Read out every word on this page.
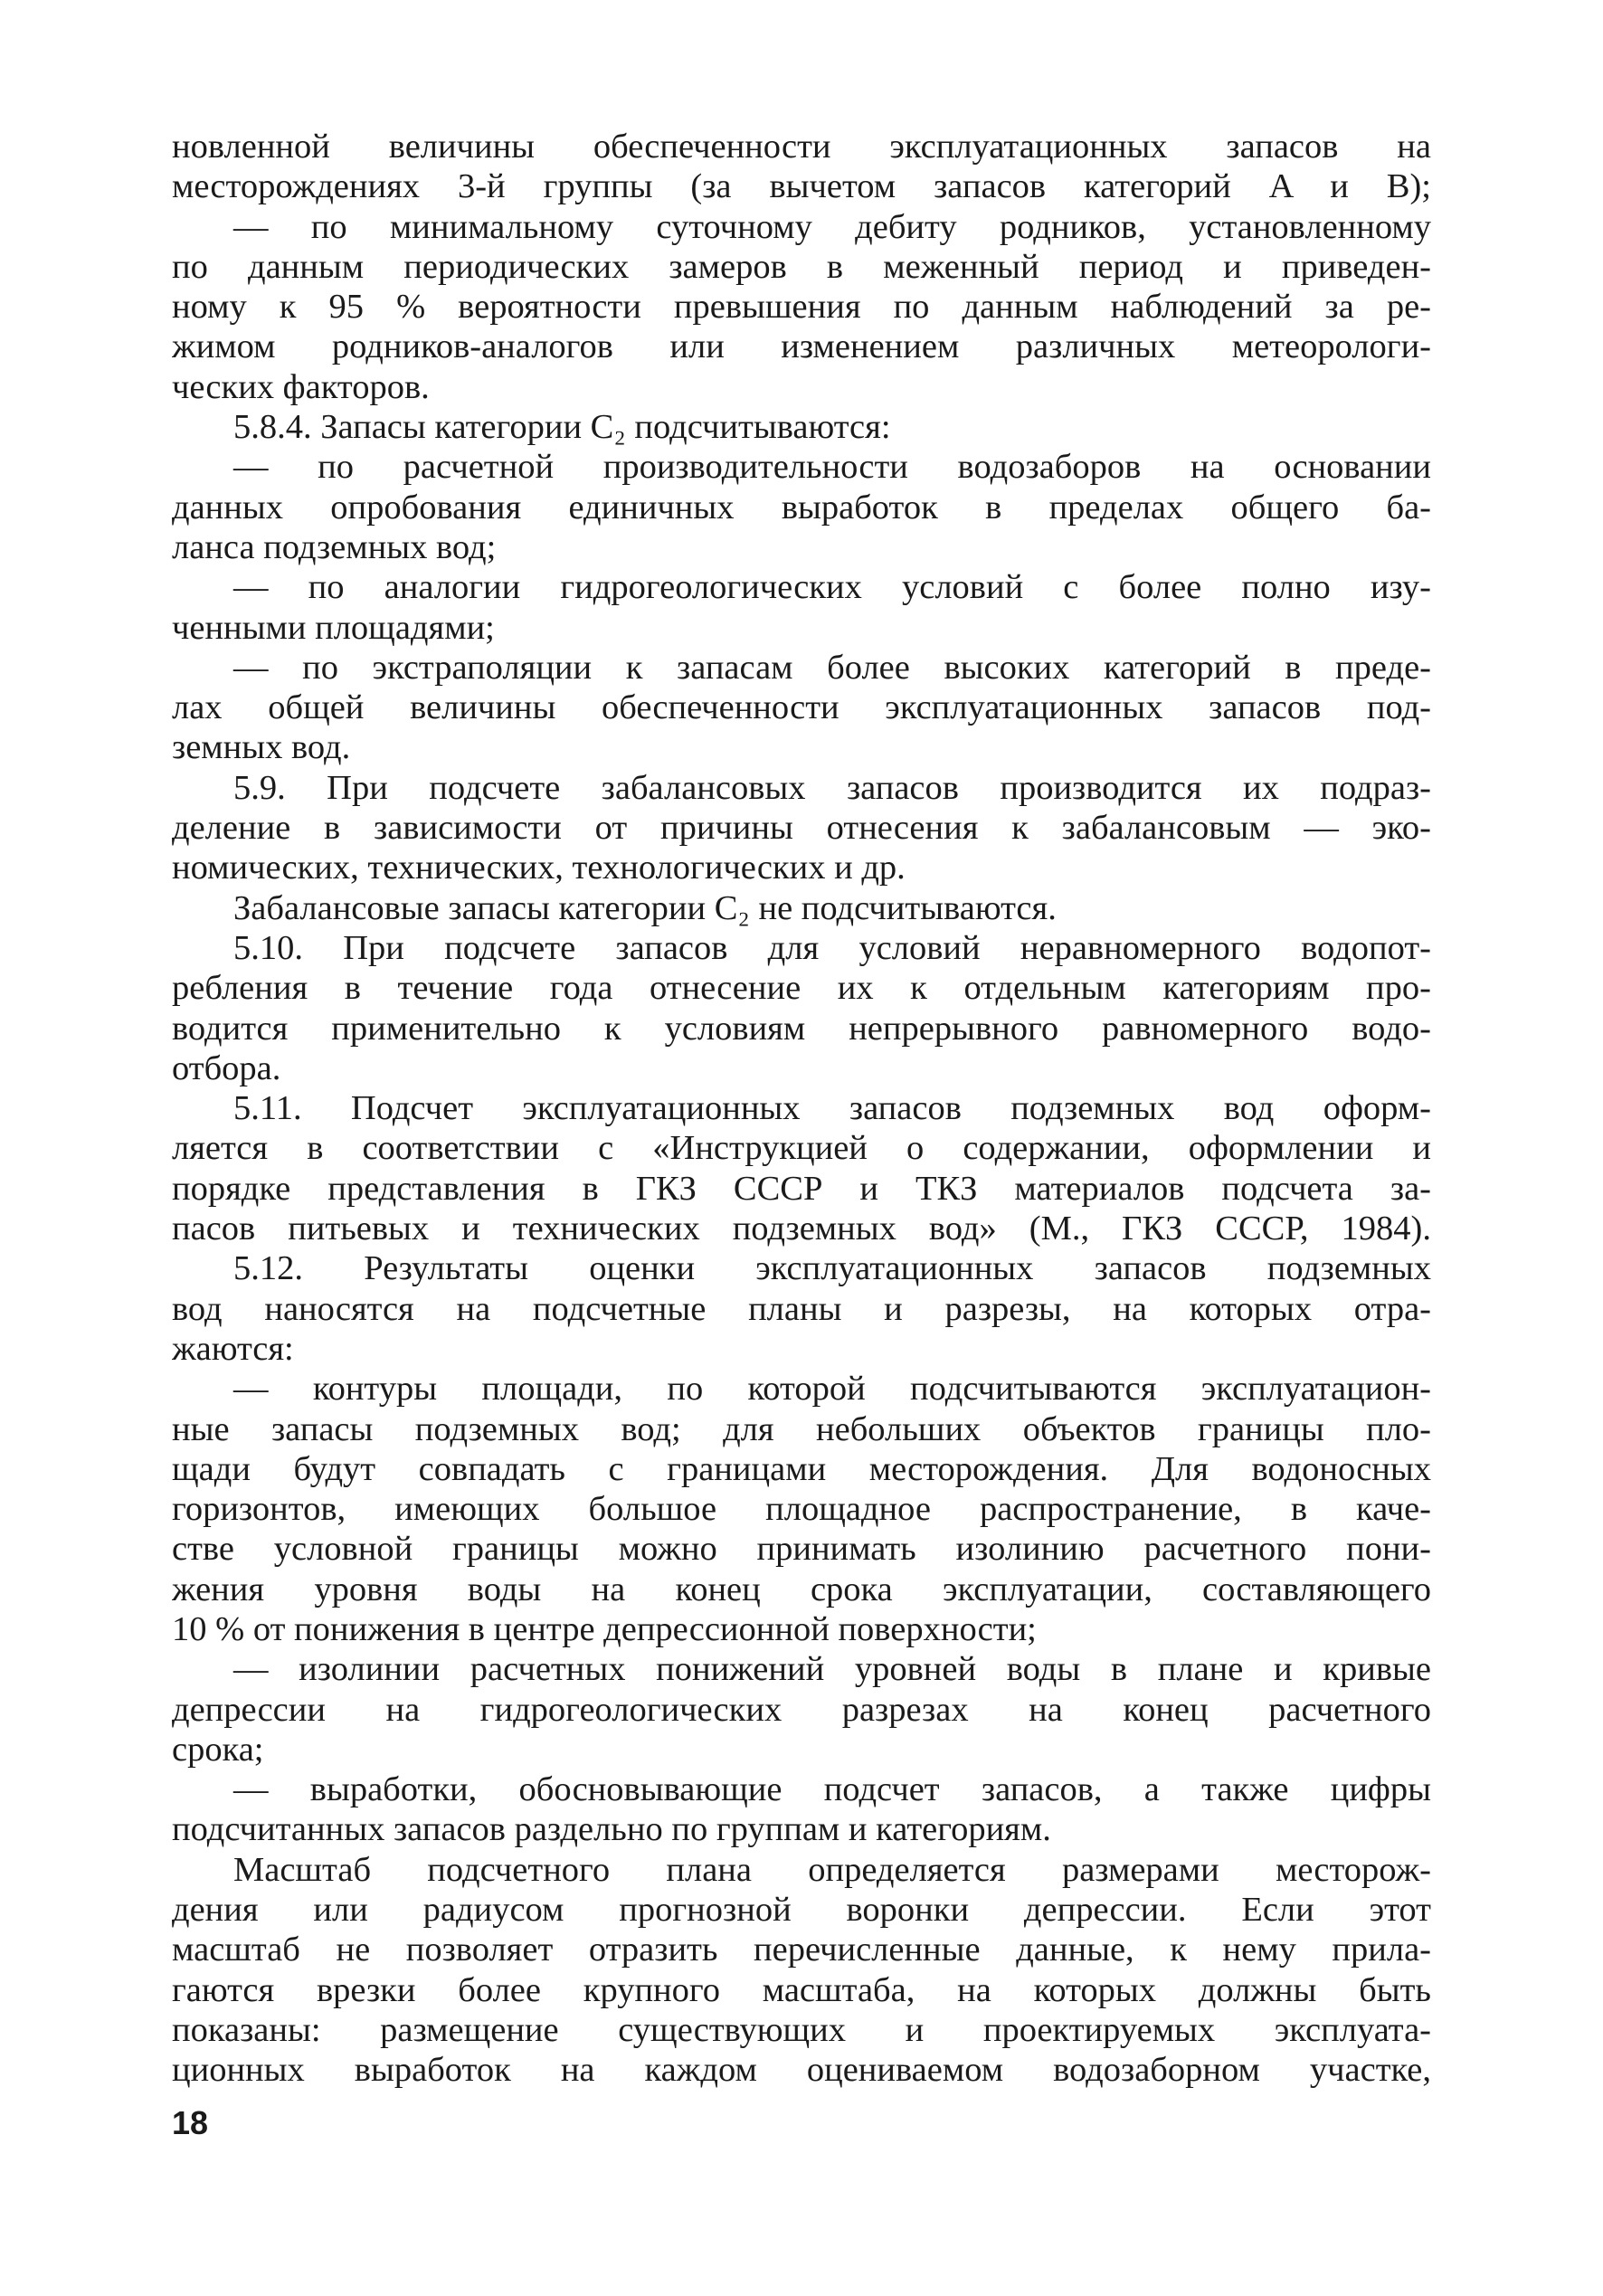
новленной величины обеспеченности эксплуатационных запасов на
месторождениях 3-й группы (за вычетом запасов категорий A и B);
— по минимальному суточному дебиту родников, установленному
по данным периодических замеров в меженный период и приведен-
ному к 95 % вероятности превышения по данным наблюдений за ре-
жимом родников-аналогов или изменением различных метеорологи-
ческих факторов.
5.8.4. Запасы категории C₂ подсчитываются:
— по расчетной производительности водозаборов на основании
данных опробования единичных выработок в пределах общего ба-
ланса подземных вод;
— по аналогии гидрогеологических условий с более полно изу-
ченными площадями;
— по экстраполяции к запасам более высоких категорий в преде-
лах общей величины обеспеченности эксплуатационных запасов под-
земных вод.
5.9. При подсчете забалансовых запасов производится их подраз-
деление в зависимости от причины отнесения к забалансовым — эко-
номических, технических, технологических и др.
Забалансовые запасы категории C₂ не подсчитываются.
5.10. При подсчете запасов для условий неравномерного водопот-
ребления в течение года отнесение их к отдельным категориям про-
водится применительно к условиям непрерывного равномерного водо-
отбора.
5.11. Подсчет эксплуатационных запасов подземных вод оформ-
ляется в соответствии с «Инструкцией о содержании, оформлении и
порядке представления в ГКЗ СССР и ТКЗ материалов подсчета за-
пасов питьевых и технических подземных вод» (М., ГКЗ СССР, 1984).
5.12. Результаты оценки эксплуатационных запасов подземных
вод наносятся на подсчетные планы и разрезы, на которых отра-
жаются:
— контуры площади, по которой подсчитываются эксплуатацион-
ные запасы подземных вод; для небольших объектов границы пло-
щади будут совпадать с границами месторождения. Для водоносных
горизонтов, имеющих большое площадное распространение, в каче-
стве условной границы можно принимать изолинию расчетного пони-
жения уровня воды на конец срока эксплуатации, составляющего
10 % от понижения в центре депрессионной поверхности;
— изолинии расчетных понижений уровней воды в плане и кривые
депрессии на гидрогеологических разрезах на конец расчетного
срока;
— выработки, обосновывающие подсчет запасов, а также цифры
подсчитанных запасов раздельно по группам и категориям.
Масштаб подсчетного плана определяется размерами месторож-
дения или радиусом прогнозной воронки депрессии. Если этот
масштаб не позволяет отразить перечисленные данные, к нему прила-
гаются врезки более крупного масштаба, на которых должны быть
показаны: размещение существующих и проектируемых эксплуата-
ционных выработок на каждом оцениваемом водозаборном участке,
18
